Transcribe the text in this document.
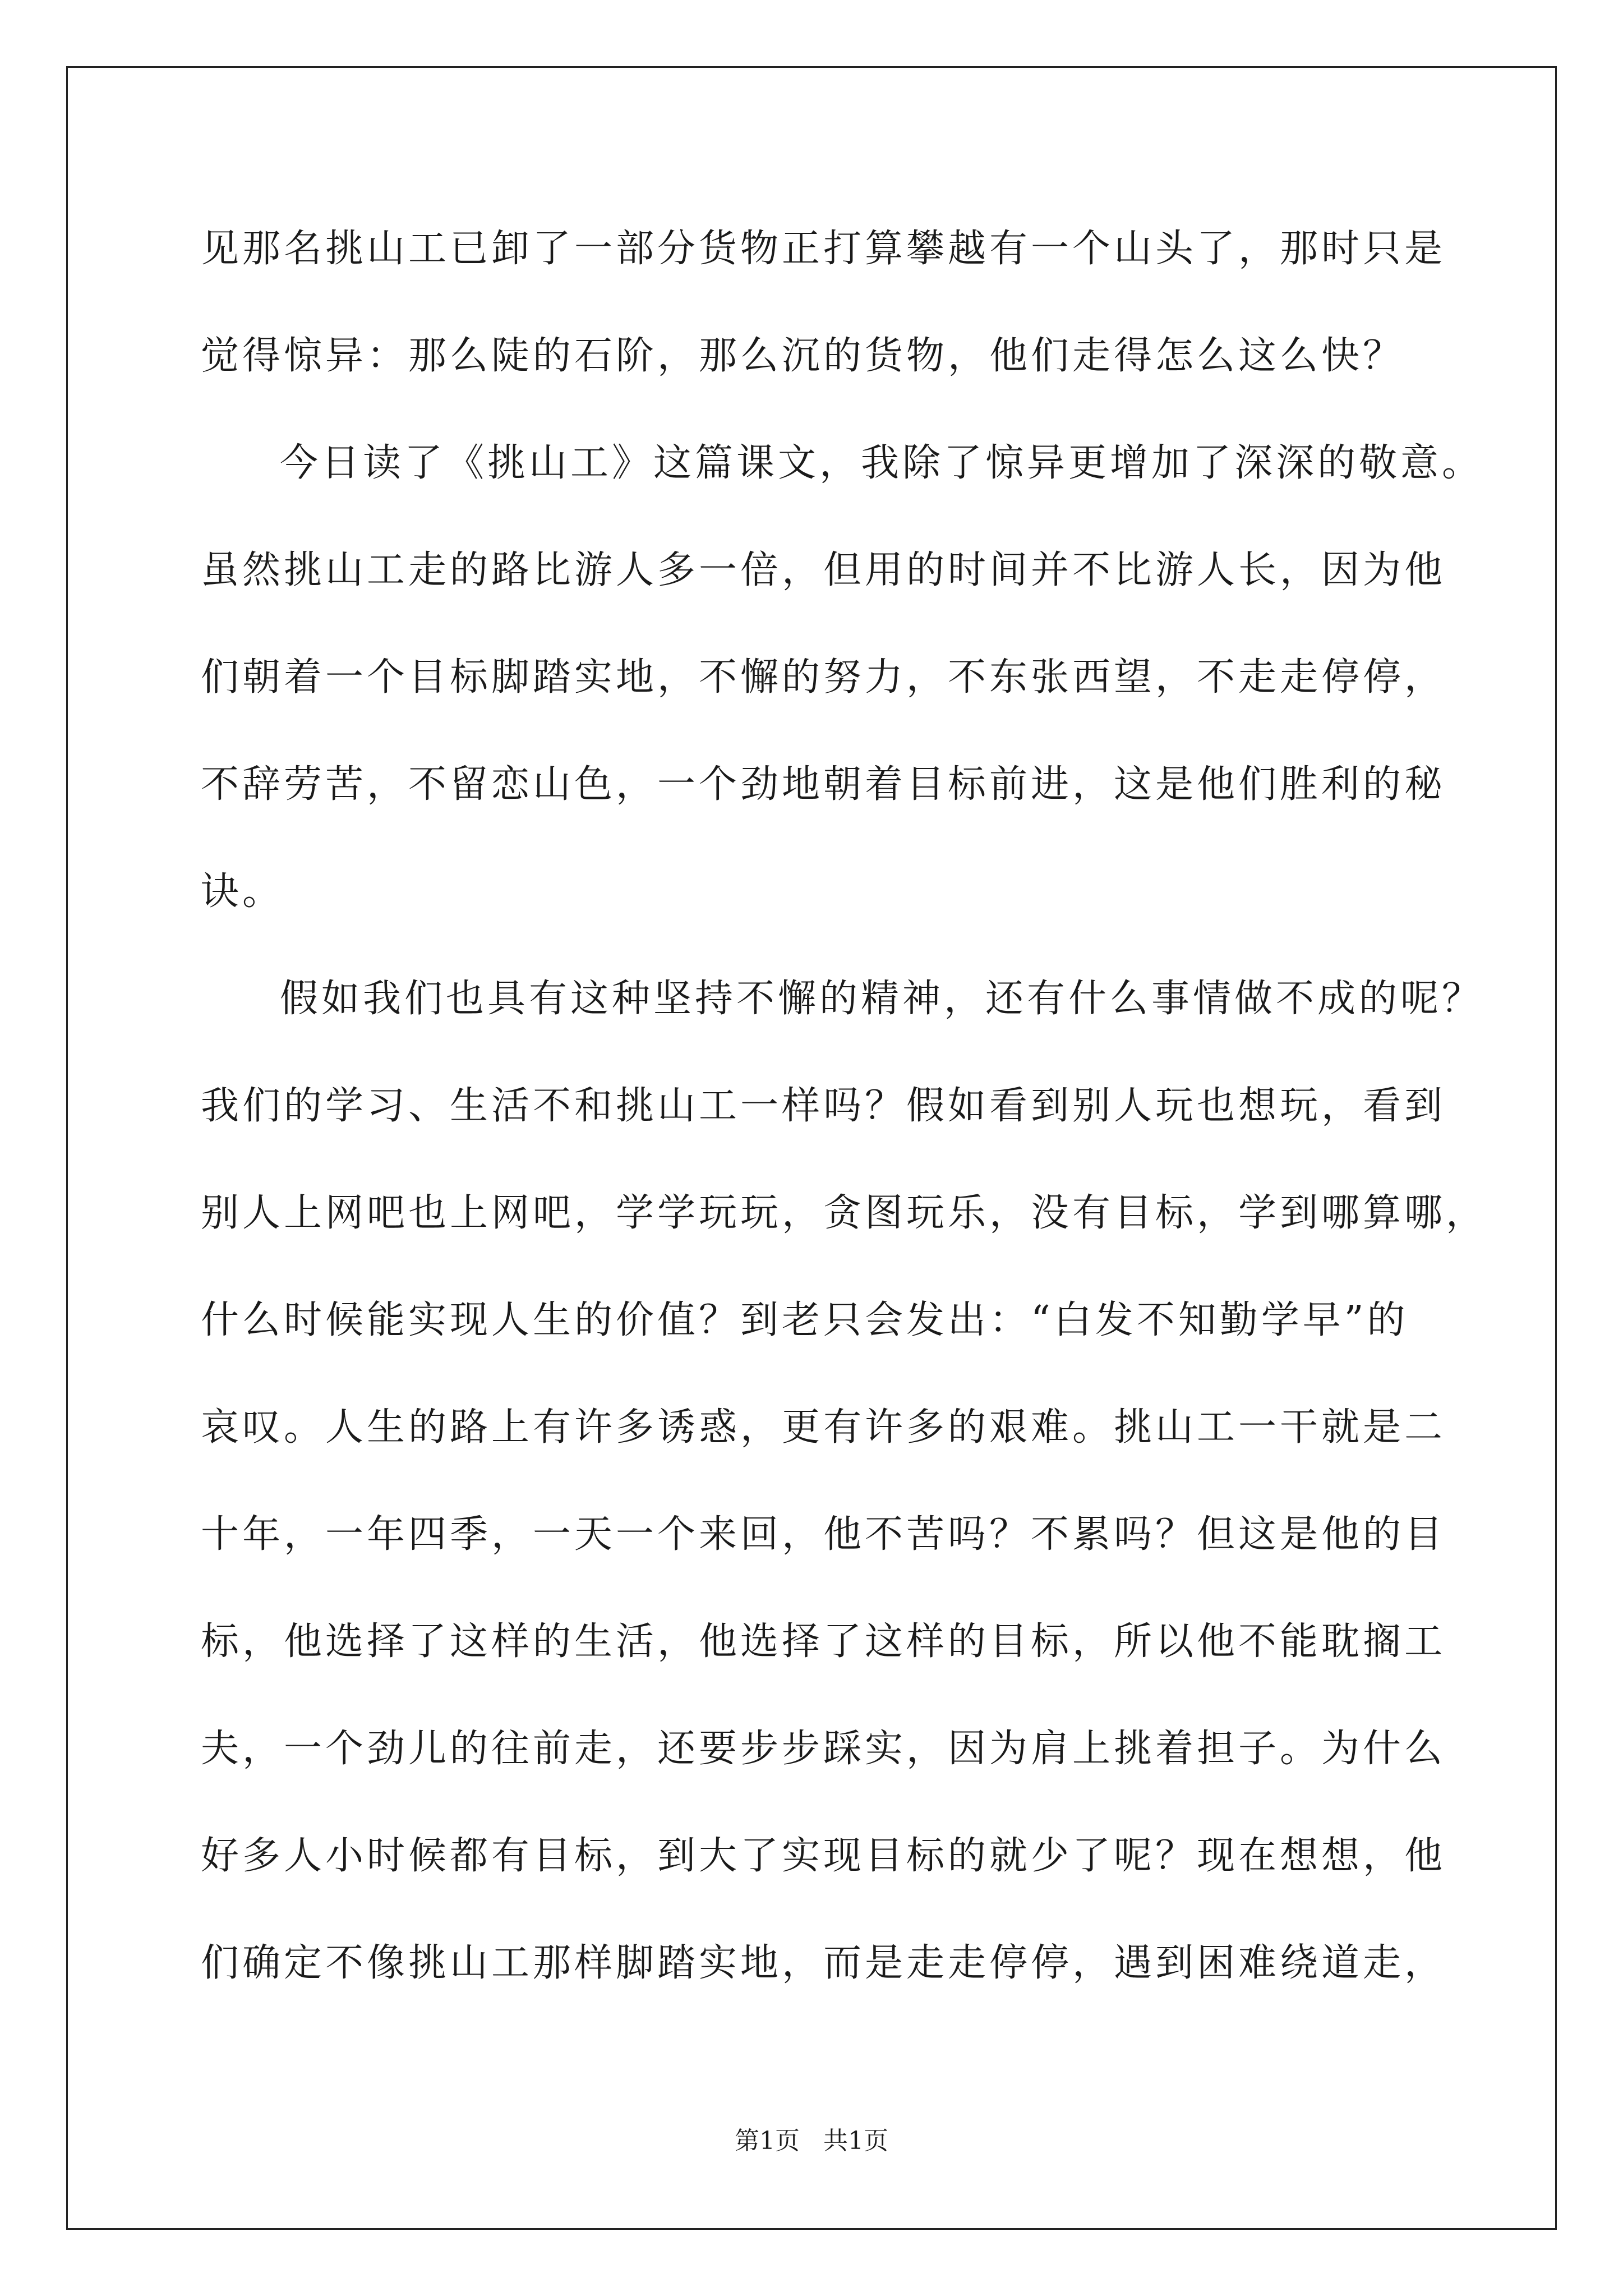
见那名挑山工已卸了一部分货物正打算攀越有一个山头了，那时只是
觉得惊异：那么陡的石阶，那么沉的货物，他们走得怎么这么快？
今日读了《挑山工》这篇课文，我除了惊异更增加了深深的敬意。
虽然挑山工走的路比游人多一倍，但用的时间并不比游人长，因为他
们朝着一个目标脚踏实地，不懈的努力，不东张西望，不走走停停，
不辞劳苦，不留恋山色，一个劲地朝着目标前进，这是他们胜利的秘
诀。
假如我们也具有这种坚持不懈的精神，还有什么事情做不成的呢？
我们的学习、生活不和挑山工一样吗？假如看到别人玩也想玩，看到
别人上网吧也上网吧，学学玩玩，贪图玩乐，没有目标，学到哪算哪，
什么时候能实现人生的价值？到老只会发出：“白发不知勤学早”的
哀叹。人生的路上有许多诱惑，更有许多的艰难。挑山工一干就是二
十年，一年四季，一天一个来回，他不苦吗？不累吗？但这是他的目
标，他选择了这样的生活，他选择了这样的目标，所以他不能耽搁工
夫，一个劲儿的往前走，还要步步踩实，因为肩上挑着担子。为什么
好多人小时候都有目标，到大了实现目标的就少了呢？现在想想，他
们确定不像挑山工那样脚踏实地，而是走走停停，遇到困难绕道走，
第1页   共1页
